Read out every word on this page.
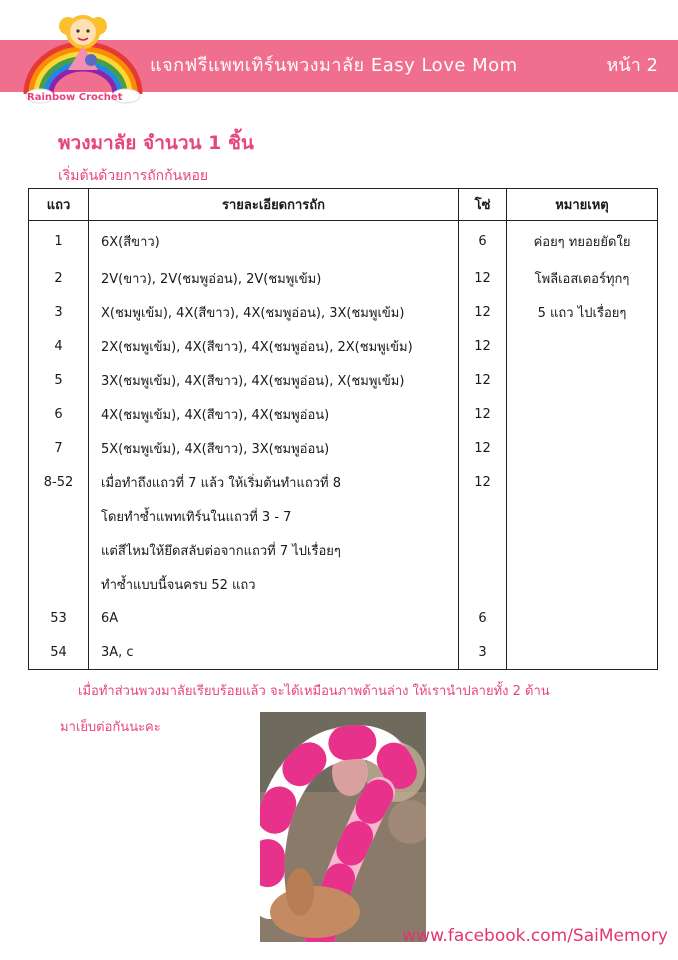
Rainbow Crochet
แจกฟรีแพทเทิร์นพวงมาลัย Easy Love Mom	หน้า 2
พวงมาลัย จำนวน 1 ชิ้น
เริ่มต้นด้วยการถักก้นหอย
แถว	รายละเอียดการถัก	โซ่	หมายเหตุ
1	6X(สีขาว)	6	ค่อยๆ ทยอยยัดใย
2	2V(ขาว), 2V(ชมพูอ่อน), 2V(ชมพูเข้ม)	12	โพลีเอสเตอร์ทุกๆ
3	X(ชมพูเข้ม), 4X(สีขาว), 4X(ชมพูอ่อน), 3X(ชมพูเข้ม)	12	5 แถว ไปเรื่อยๆ
4	2X(ชมพูเข้ม), 4X(สีขาว), 4X(ชมพูอ่อน), 2X(ชมพูเข้ม)	12	
5	3X(ชมพูเข้ม), 4X(สีขาว), 4X(ชมพูอ่อน), X(ชมพูเข้ม)	12	
6	4X(ชมพูเข้ม), 4X(สีขาว), 4X(ชมพูอ่อน)	12	
7	5X(ชมพูเข้ม), 4X(สีขาว), 3X(ชมพูอ่อน)	12	
8-52	เมื่อทำถึงแถวที่ 7 แล้ว ให้เริ่มต้นทำแถวที่ 8	12	
	โดยทำซ้ำแพทเทิร์นในแถวที่ 3 - 7		
	แต่สีไหมให้ยึดสลับต่อจากแถวที่ 7 ไปเรื่อยๆ		
	ทำซ้ำแบบนี้จนครบ 52 แถว		
53	6A	6	
54	3A, c	3	
เมื่อทำส่วนพวงมาลัยเรียบร้อยแล้ว จะได้เหมือนภาพด้านล่าง ให้เรานำปลายทั้ง 2 ด้าน
มาเย็บต่อกันนะคะ
www.facebook.com/SaiMemory
